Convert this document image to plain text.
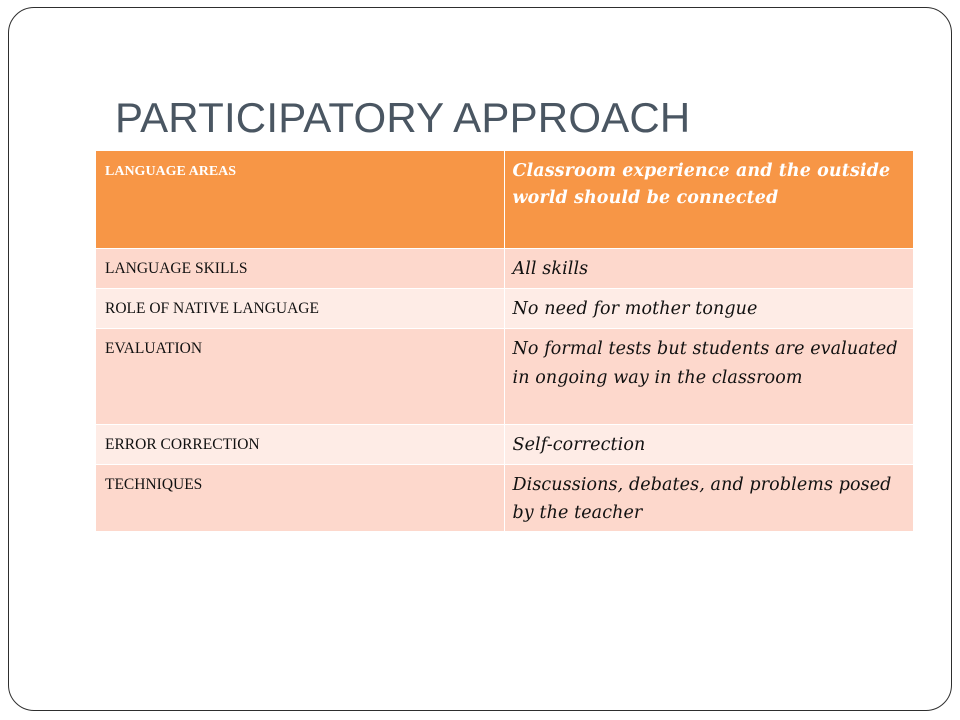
PARTICIPATORY APPROACH
LANGUAGE AREAS	Classroom experience and the outside world should be connected

LANGUAGE SKILLS	All skills

ROLE OF NATIVE LANGUAGE	No need for mother tongue

EVALUATION	No formal tests but students are evaluated in ongoing way in the classroom

ERROR CORRECTION	Self-correction

TECHNIQUES	Discussions, debates, and problems posed by the teacher
